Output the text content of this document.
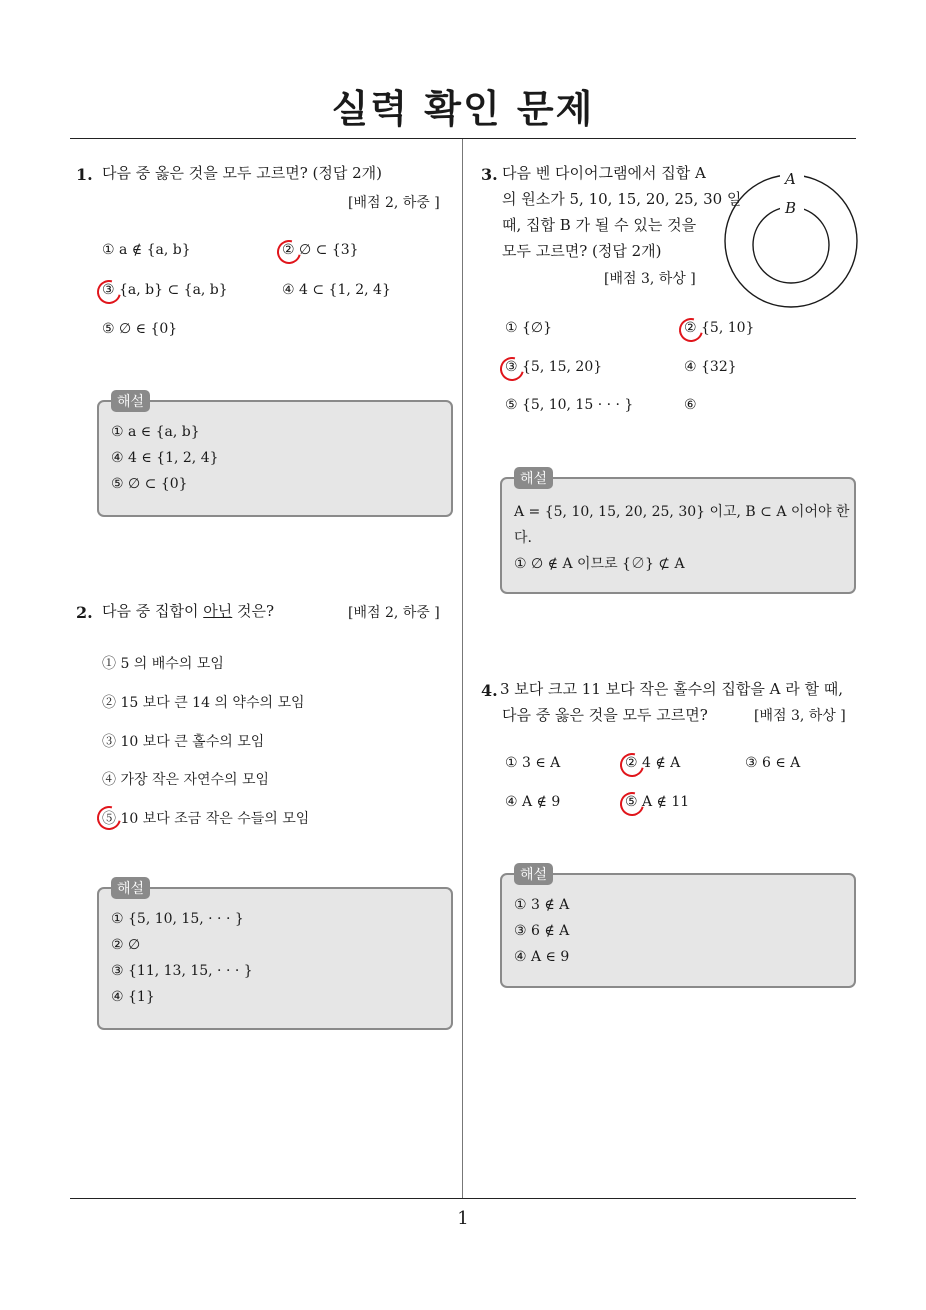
실력 확인 문제
1. 다음 중 옳은 것을 모두 고르면? (정답 2개)
[배점 2, 하중 ]
① a ∉ {a, b}	② ∅ ⊂ {3}
③ {a, b} ⊂ {a, b}	④ 4 ⊂ {1, 2, 4}
⑤ ∅ ∈ {0}
해설
① a ∈ {a, b}
④ 4 ∈ {1, 2, 4}
⑤ ∅ ⊂ {0}
2. 다음 중 집합이 아닌 것은?	[배점 2, 하중 ]
① 5 의 배수의 모임
② 15 보다 큰 14 의 약수의 모임
③ 10 보다 큰 홀수의 모임
④ 가장 작은 자연수의 모임
⑤ 10 보다 조금 작은 수들의 모임
해설
① {5, 10, 15, · · · }
② ∅
③ {11, 13, 15, · · · }
④ {1}
3. 다음 벤 다이어그램에서 집합 A
의 원소가 5, 10, 15, 20, 25, 30 일
때, 집합 B 가 될 수 있는 것을
모두 고르면? (정답 2개)
[배점 3, 하상 ]
A
B
① {∅}	② {5, 10}
③ {5, 15, 20}	④ {32}
⑤ {5, 10, 15 · · · }	⑥
해설
A = {5, 10, 15, 20, 25, 30} 이고, B ⊂ A 이어야 한
다.
① ∅ ∉ A 이므로 {∅} ⊄ A
4. 3 보다 크고 11 보다 작은 홀수의 집합을 A 라 할 때,
다음 중 옳은 것을 모두 고르면?	[배점 3, 하상 ]
① 3 ∈ A	② 4 ∉ A	③ 6 ∈ A
④ A ∉ 9	⑤ A ∉ 11
해설
① 3 ∉ A
③ 6 ∉ A
④ A ∈ 9
1
